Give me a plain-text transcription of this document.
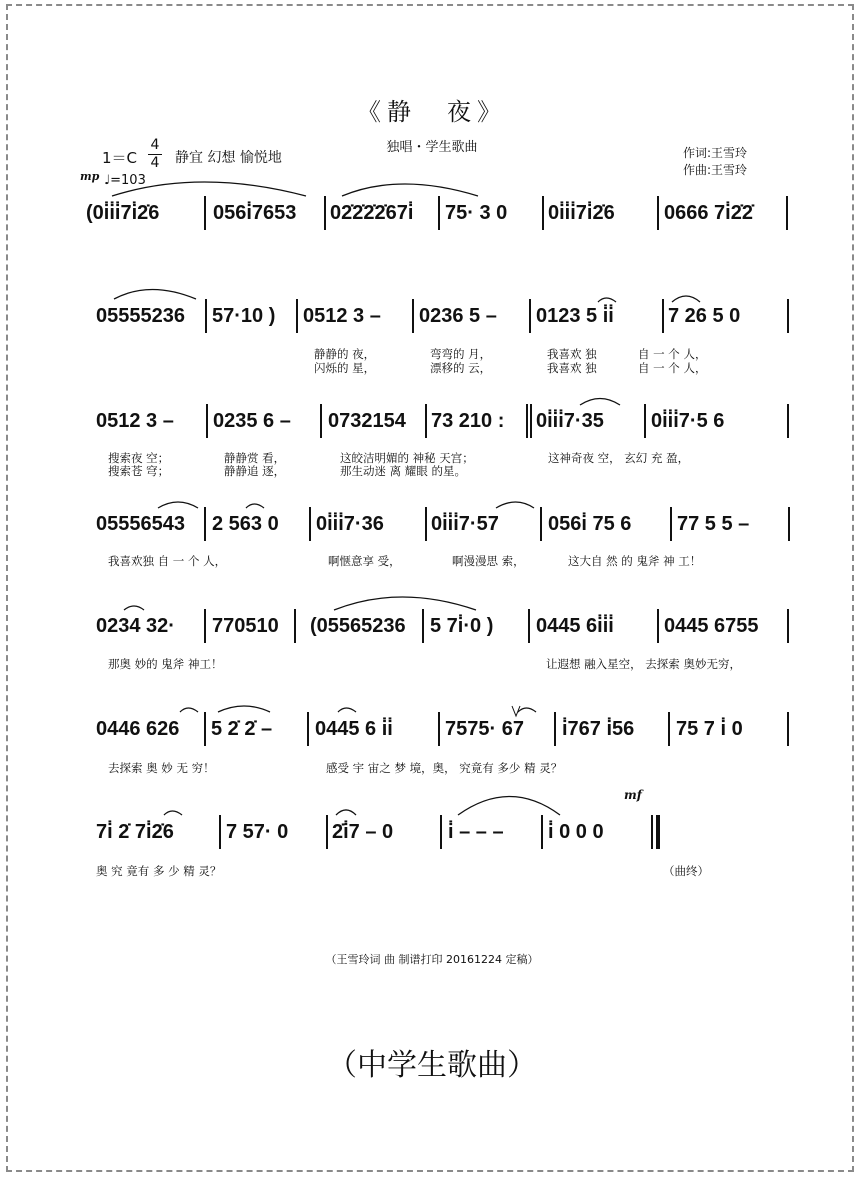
《静　夜》
独唱・学生歌曲
$1=C \frac{4}{4}$ 静宜 幻想 愉悦地
mp ♩=103
作词:王雪玲
作曲:王雪玲
(0i̇i̇i̇7i̇2̇6	056i̇7653 02̇2̇2̇2̇67i̇ 75· 3 0 0i̇i̇i̇7i̇2̇6 0666 7i̇2̇2̇
05555236 57·10 ) 0512 3 – 0236 5 – 0123 5 i̇i̇	7 26 5 0
静静的 夜，	弯弯的 月，	我喜欢 独	自 一 个 人，
闪烁的 星，	漂移的 云，	我喜欢 独	自 一 个 人，
0512 3 – 0235 6 – 0732154 73 210 : 0i̇i̇i̇7·35 0i̇i̇i̇7·5 6
搜索夜 空；	静静赏 看，	这皎洁明媚的 神秘 天宫；	这神奇夜 空， 玄幻 充 盈，
搜索苍 穹；	静静追 逐，	那生动迷 离 耀眼 的星。
05556543 2 563 0 0i̇i̇i̇7·36 0i̇i̇i̇7·57 056i̇ 75 6 77 5 5 –
我喜欢独 自 一 个 人，	啊惬意享 受，	啊漫漫思 索，	这大自 然 的 鬼斧 神 工！
0234 32· 770510 (05565236 5 7i̇·0 ) 0445 6i̇i̇i̇	0445 6755
那奥 妙的 鬼斧 神工！	让遐想 融入星空， 去探索 奥妙无穷，
0446 626 5 2̇ 2̇ – 0445 6 i̇i̇	7575· 67 i̇767 i̇56 75 7 i̇ 0
去探索 奥 妙 无 穷！	感受 宇 宙之 梦 境，奥， 究竟有 多少 精 灵？
mf
7i̇ 2̇ 7i̇2̇6	7 57· 0 2̇i̇7 – 0	i̇ – – – i̇ 0 0 0
奥 究 竟有 多 少 精 灵？	（曲终）
（王雪玲词 曲 制谱打印 20161224 定稿）
（中学生歌曲）
